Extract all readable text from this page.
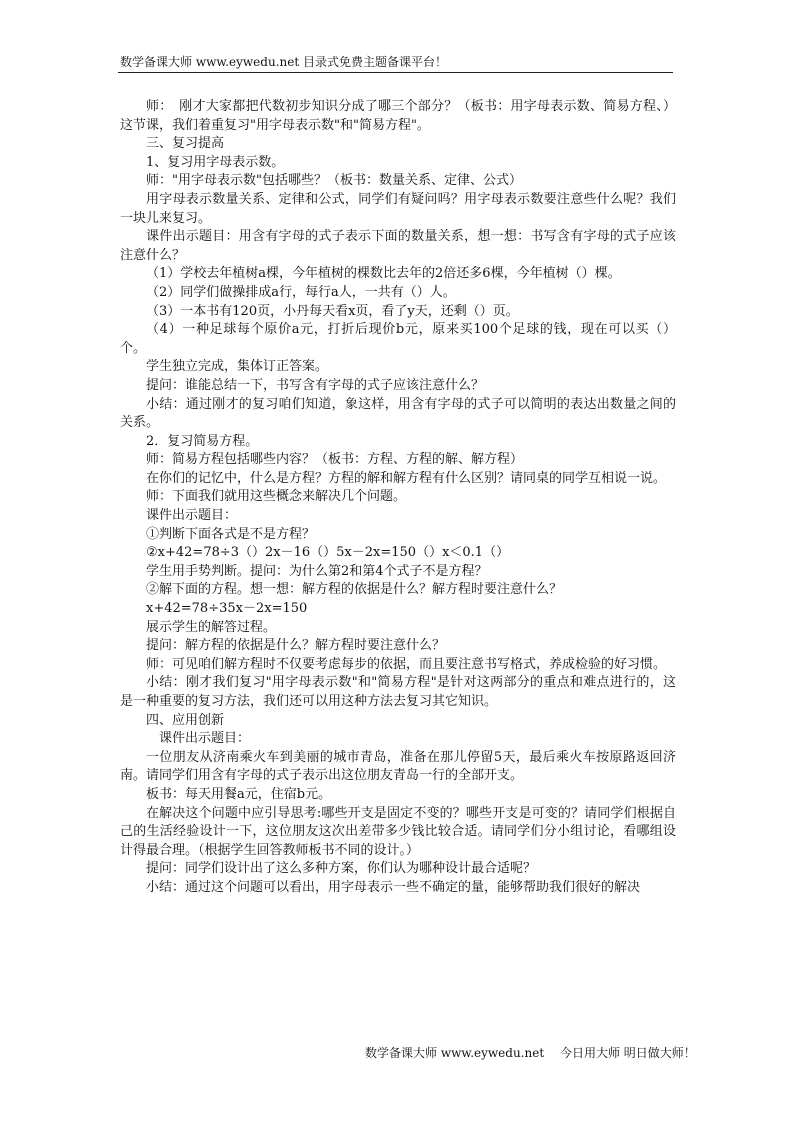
数学备课大师 www.eywedu.net 目录式免费主题备课平台！

师：　刚才大家都把代数初步知识分成了哪三个部分？（板书：用字母表示数、简易方程、）这节课，我们着重复习"用字母表示数"和"简易方程"。

三、复习提高

1、复习用字母表示数。

师："用字母表示数"包括哪些？（板书：数量关系、定律、公式）

用字母表示数量关系、定律和公式，同学们有疑问吗？用字母表示数要注意些什么呢？我们一块儿来复习。

课件出示题目：用含有字母的式子表示下面的数量关系，想一想：书写含有字母的式子应该注意什么？

（1）学校去年植树a棵，今年植树的棵数比去年的2倍还多6棵，今年植树（）棵。

（2）同学们做操排成a行，每行a人，一共有（）人。

（3）一本书有120页，小丹每天看x页，看了y天，还剩（）页。

（4）一种足球每个原价a元，打折后现价b元，原来买100个足球的钱，现在可以买（）个。

学生独立完成，集体订正答案。

提问：谁能总结一下，书写含有字母的式子应该注意什么？

小结：通过刚才的复习咱们知道，象这样，用含有字母的式子可以简明的表达出数量之间的关系。

2．复习简易方程。

师：简易方程包括哪些内容？（板书：方程、方程的解、解方程）

在你们的记忆中，什么是方程？方程的解和解方程有什么区别？请同桌的同学互相说一说。

师：下面我们就用这些概念来解决几个问题。

课件出示题目：

①判断下面各式是不是方程？

②x+42=78÷3（）2x－16（）5x－2x=150（）x＜0.1（）

学生用手势判断。提问：为什么第2和第4个式子不是方程？

②解下面的方程。想一想：解方程的依据是什么？解方程时要注意什么？

x+42=78÷35x－2x=150

展示学生的解答过程。

提问：解方程的依据是什么？解方程时要注意什么？

师：可见咱们解方程时不仅要考虑每步的依据，而且要注意书写格式，养成检验的好习惯。

小结：刚才我们复习"用字母表示数"和"简易方程"是针对这两部分的重点和难点进行的，这是一种重要的复习方法，我们还可以用这种方法去复习其它知识。

四、应用创新

课件出示题目：

一位朋友从济南乘火车到美丽的城市青岛，准备在那儿停留5天，最后乘火车按原路返回济南。请同学们用含有字母的式子表示出这位朋友青岛一行的全部开支。

板书：每天用餐a元，住宿b元。

在解决这个问题中应引导思考:哪些开支是固定不变的？哪些开支是可变的？请同学们根据自己的生活经验设计一下，这位朋友这次出差带多少钱比较合适。请同学们分小组讨论，看哪组设计得最合理。（根据学生回答教师板书不同的设计。）

提问：同学们设计出了这么多种方案，你们认为哪种设计最合适呢？

小结：通过这个问题可以看出，用字母表示一些不确定的量，能够帮助我们很好的解决

数学备课大师 www.eywedu.net　 今日用大师 明日做大师！
